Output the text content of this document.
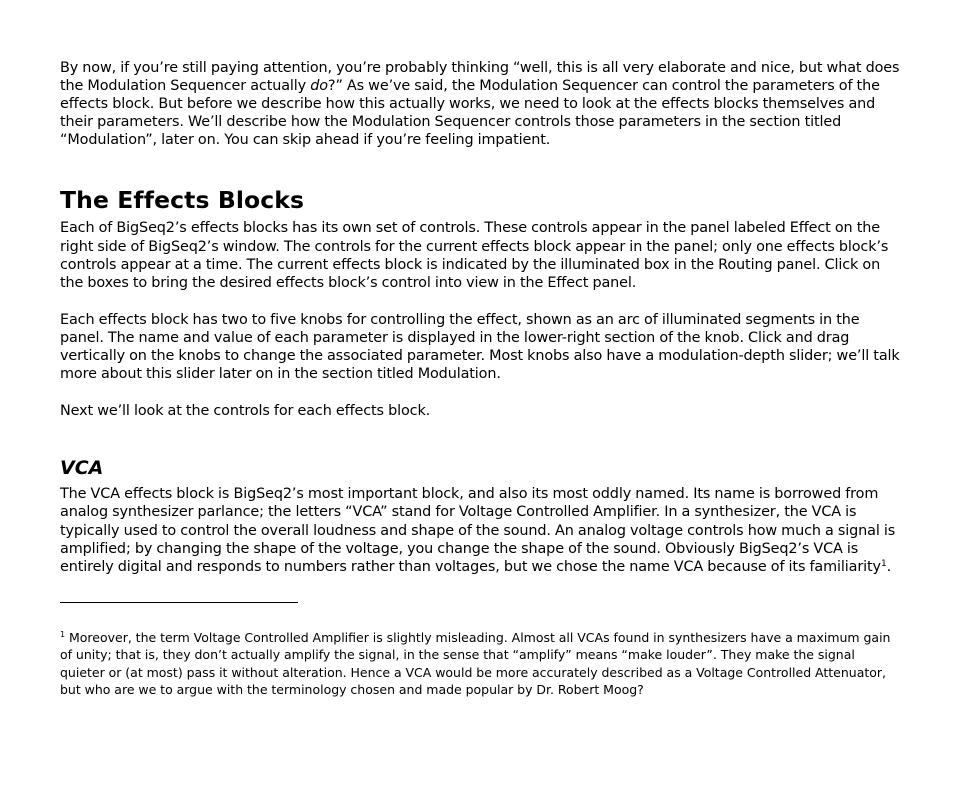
By now, if you’re still paying attention, you’re probably thinking “well, this is all very elaborate and nice, but what does the Modulation Sequencer actually do?” As we’ve said, the Modulation Sequencer can control the parameters of the effects block. But before we describe how this actually works, we need to look at the effects blocks themselves and their parameters. We’ll describe how the Modulation Sequencer controls those parameters in the section titled “Modulation”, later on. You can skip ahead if you’re feeling impatient.

The Effects Blocks

Each of BigSeq2’s effects blocks has its own set of controls. These controls appear in the panel labeled Effect on the right side of BigSeq2’s window. The controls for the current effects block appear in the panel; only one effects block’s controls appear at a time. The current effects block is indicated by the illuminated box in the Routing panel. Click on the boxes to bring the desired effects block’s control into view in the Effect panel.

Each effects block has two to five knobs for controlling the effect, shown as an arc of illuminated segments in the panel. The name and value of each parameter is displayed in the lower-right section of the knob. Click and drag vertically on the knobs to change the associated parameter. Most knobs also have a modulation-depth slider; we’ll talk more about this slider later on in the section titled Modulation.

Next we’ll look at the controls for each effects block.

VCA

The VCA effects block is BigSeq2’s most important block, and also its most oddly named. Its name is borrowed from analog synthesizer parlance; the letters “VCA” stand for Voltage Controlled Amplifier. In a synthesizer, the VCA is typically used to control the overall loudness and shape of the sound. An analog voltage controls how much a signal is amplified; by changing the shape of the voltage, you change the shape of the sound. Obviously BigSeq2’s VCA is entirely digital and responds to numbers rather than voltages, but we chose the name VCA because of its familiarity$^1$.

$^1$ Moreover, the term Voltage Controlled Amplifier is slightly misleading. Almost all VCAs found in synthesizers have a maximum gain of unity; that is, they don’t actually amplify the signal, in the sense that “amplify” means “make louder”. They make the signal quieter or (at most) pass it without alteration. Hence a VCA would be more accurately described as a Voltage Controlled Attenuator, but who are we to argue with the terminology chosen and made popular by Dr. Robert Moog?
